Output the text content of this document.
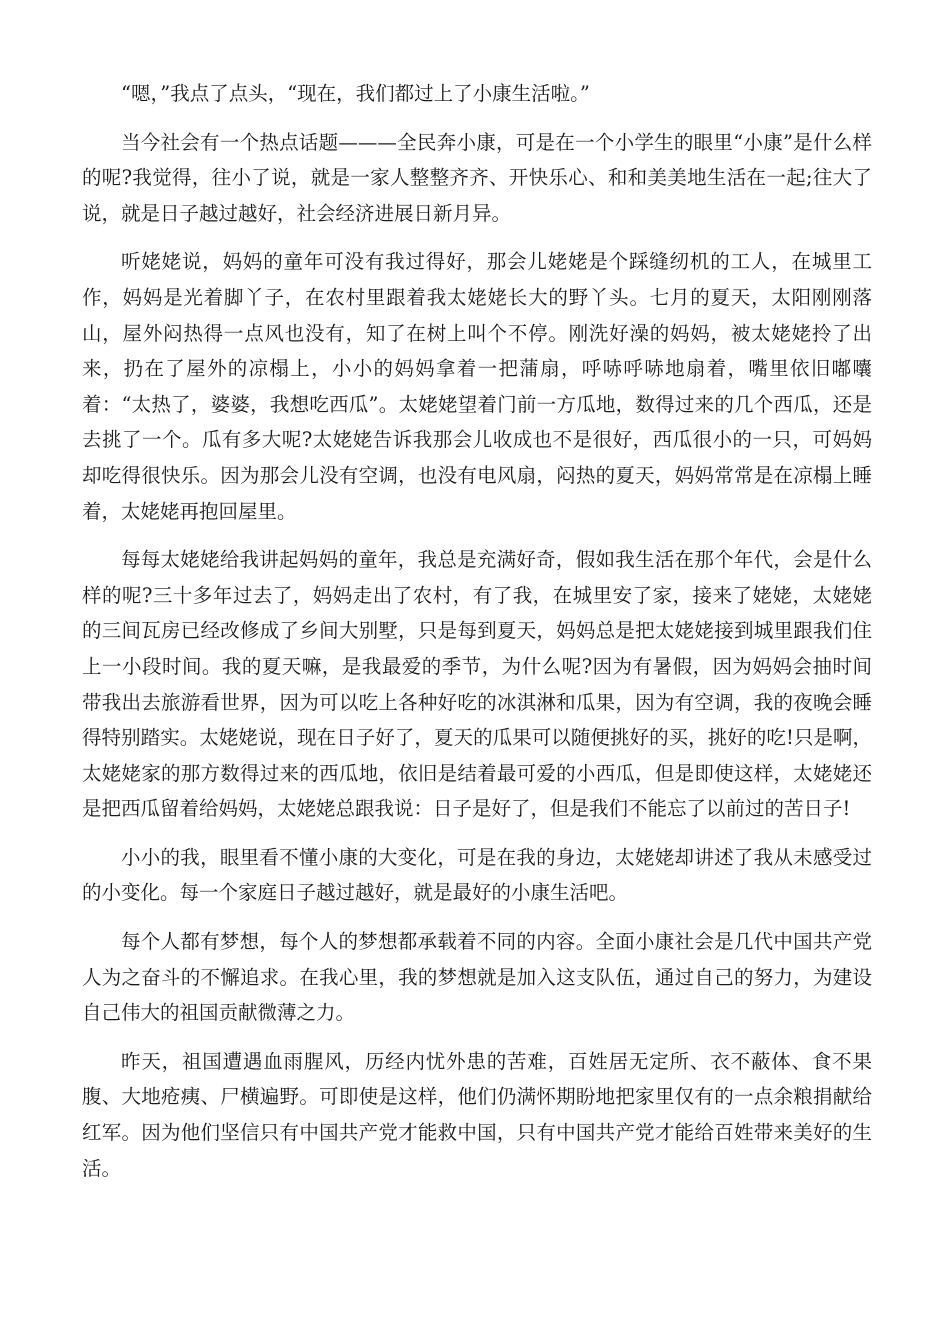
“嗯，”我点了点头，“现在，我们都过上了小康生活啦。”

当今社会有一个热点话题———全民奔小康，可是在一个小学生的眼里“小康”是什么样的呢?我觉得，往小了说，就是一家人整整齐齐、开快乐心、和和美美地生活在一起;往大了说，就是日子越过越好，社会经济进展日新月异。

听姥姥说，妈妈的童年可没有我过得好，那会儿姥姥是个踩缝纫机的工人，在城里工作，妈妈是光着脚丫子，在农村里跟着我太姥姥长大的野丫头。七月的夏天，太阳刚刚落山，屋外闷热得一点风也没有，知了在树上叫个不停。刚洗好澡的妈妈，被太姥姥拎了出来，扔在了屋外的凉榻上，小小的妈妈拿着一把蒲扇，呼哧呼哧地扇着，嘴里依旧嘟囔着：“太热了，婆婆，我想吃西瓜”。太姥姥望着门前一方瓜地，数得过来的几个西瓜，还是去挑了一个。瓜有多大呢?太姥姥告诉我那会儿收成也不是很好，西瓜很小的一只，可妈妈却吃得很快乐。因为那会儿没有空调，也没有电风扇，闷热的夏天，妈妈常常是在凉榻上睡着，太姥姥再抱回屋里。

每每太姥姥给我讲起妈妈的童年，我总是充满好奇，假如我生活在那个年代，会是什么样的呢?三十多年过去了，妈妈走出了农村，有了我，在城里安了家，接来了姥姥，太姥姥的三间瓦房已经改修成了乡间大别墅，只是每到夏天，妈妈总是把太姥姥接到城里跟我们住上一小段时间。我的夏天嘛，是我最爱的季节，为什么呢?因为有暑假，因为妈妈会抽时间带我出去旅游看世界，因为可以吃上各种好吃的冰淇淋和瓜果，因为有空调，我的夜晚会睡得特别踏实。太姥姥说，现在日子好了，夏天的瓜果可以随便挑好的买，挑好的吃!只是啊，太姥姥家的那方数得过来的西瓜地，依旧是结着最可爱的小西瓜，但是即使这样，太姥姥还是把西瓜留着给妈妈，太姥姥总跟我说：日子是好了，但是我们不能忘了以前过的苦日子!

小小的我，眼里看不懂小康的大变化，可是在我的身边，太姥姥却讲述了我从未感受过的小变化。每一个家庭日子越过越好，就是最好的小康生活吧。

每个人都有梦想，每个人的梦想都承载着不同的内容。全面小康社会是几代中国共产党人为之奋斗的不懈追求。在我心里，我的梦想就是加入这支队伍，通过自己的努力，为建设自己伟大的祖国贡献微薄之力。

昨天，祖国遭遇血雨腥风，历经内忧外患的苦难，百姓居无定所、衣不蔽体、食不果腹、大地疮痍、尸横遍野。可即使是这样，他们仍满怀期盼地把家里仅有的一点余粮捐献给红军。因为他们坚信只有中国共产党才能救中国，只有中国共产党才能给百姓带来美好的生活。
